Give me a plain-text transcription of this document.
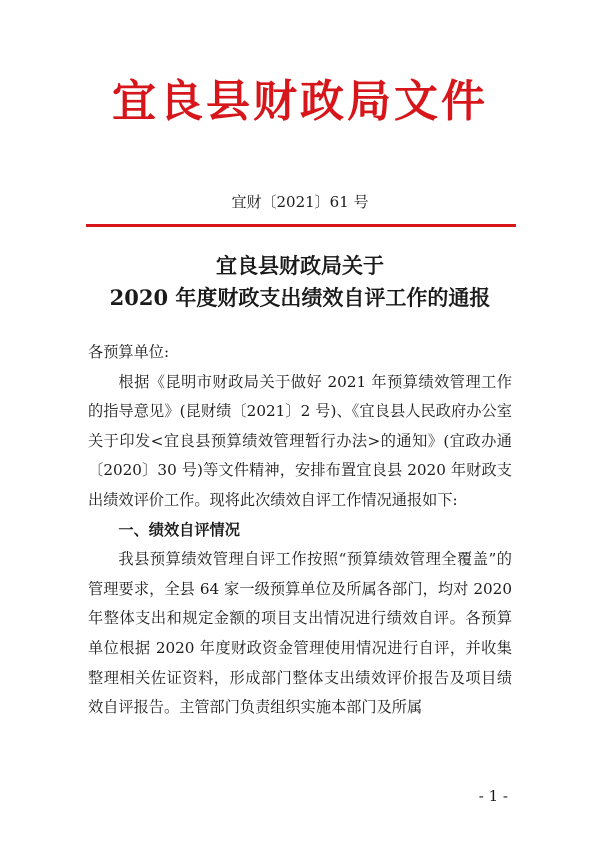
宜良县财政局文件
宜财〔2021〕61 号
宜良县财政局关于
2020 年度财政支出绩效自评工作的通报
各预算单位:
根据《昆明市财政局关于做好 2021 年预算绩效管理工作的指导意见》(昆财绩〔2021〕2 号)、《宜良县人民政府办公室关于印发<宜良县预算绩效管理暂行办法>的通知》(宜政办通〔2020〕30 号)等文件精神，安排布置宜良县 2020 年财政支出绩效评价工作。现将此次绩效自评工作情况通报如下:
一、绩效自评情况
我县预算绩效管理自评工作按照“预算绩效管理全覆盖”的管理要求，全县 64 家一级预算单位及所属各部门，均对 2020 年整体支出和规定金额的项目支出情况进行绩效自评。各预算单位根据 2020 年度财政资金管理使用情况进行自评，并收集整理相关佐证资料，形成部门整体支出绩效评价报告及项目绩效自评报告。主管部门负责组织实施本部门及所属
- 1 -
